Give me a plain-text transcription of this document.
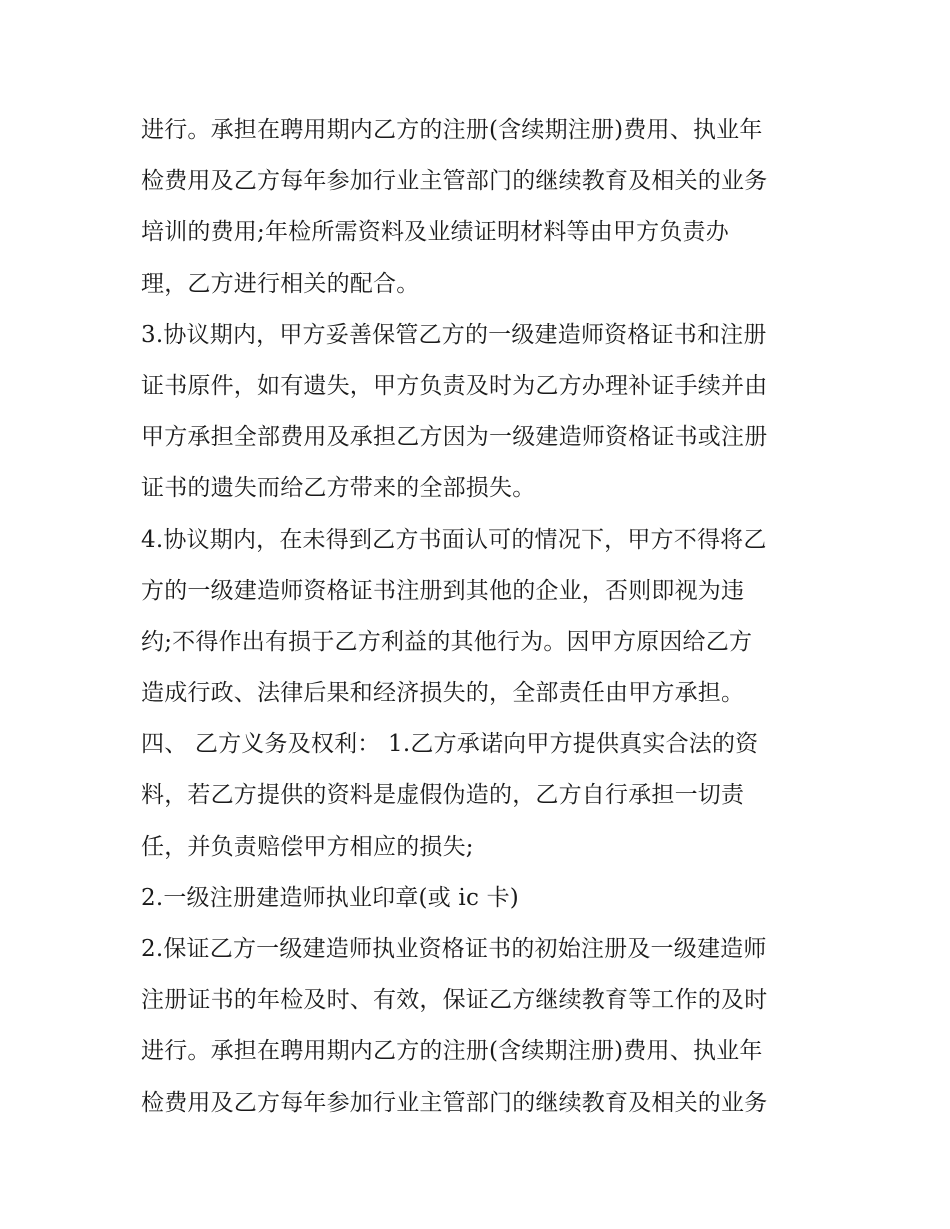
进行。承担在聘用期内乙方的注册(含续期注册)费用、执业年
检费用及乙方每年参加行业主管部门的继续教育及相关的业务
培训的费用;年检所需资料及业绩证明材料等由甲方负责办
理，乙方进行相关的配合。
3.协议期内，甲方妥善保管乙方的一级建造师资格证书和注册
证书原件，如有遗失，甲方负责及时为乙方办理补证手续并由
甲方承担全部费用及承担乙方因为一级建造师资格证书或注册
证书的遗失而给乙方带来的全部损失。
4.协议期内，在未得到乙方书面认可的情况下，甲方不得将乙
方的一级建造师资格证书注册到其他的企业，否则即视为违
约;不得作出有损于乙方利益的其他行为。因甲方原因给乙方
造成行政、法律后果和经济损失的，全部责任由甲方承担。
四、 乙方义务及权利： 1.乙方承诺向甲方提供真实合法的资
料，若乙方提供的资料是虚假伪造的，乙方自行承担一切责
任，并负责赔偿甲方相应的损失;
2.一级注册建造师执业印章(或 ic 卡)
2.保证乙方一级建造师执业资格证书的初始注册及一级建造师
注册证书的年检及时、有效，保证乙方继续教育等工作的及时
进行。承担在聘用期内乙方的注册(含续期注册)费用、执业年
检费用及乙方每年参加行业主管部门的继续教育及相关的业务
